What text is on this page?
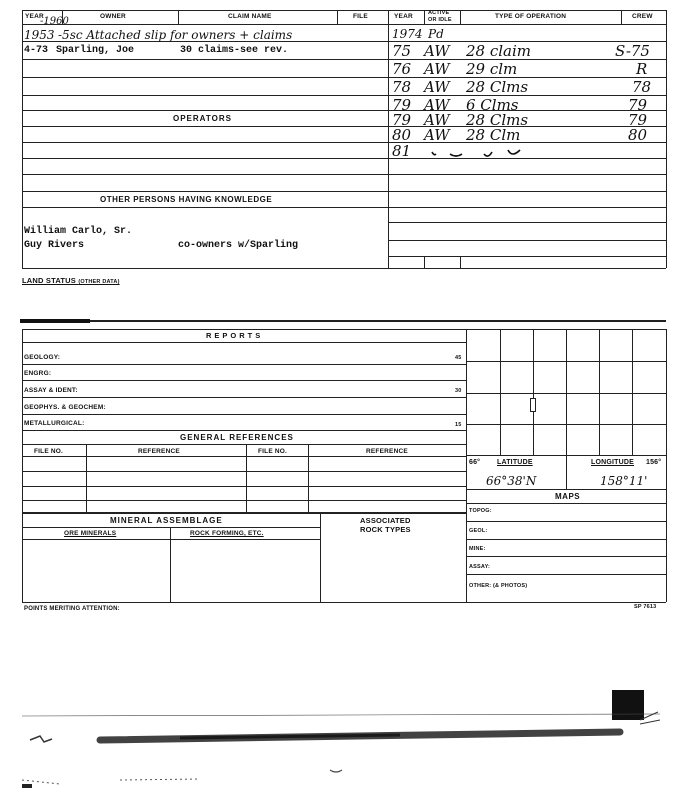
YEAR	OWNER	CLAIM NAME	FILE	YEAR	ACTIVE
OR IDLE	TYPE OF OPERATION	CREW
-1960
1953 -5sc Attached slip for owners + claims
4-73 Sparling, Joe	30 claims-see rev.
1974 Pd
75 AW 28 claim	S-75
76 AW 29 clm	R
78 AW 28 Clms	78
79 AW 6 Clms	79
79 AW 28 Clms	79
80 AW 28 Clm	80
81
OPERATORS
OTHER PERSONS HAVING KNOWLEDGE
William Carlo, Sr.
Guy Rivers	co-owners w/Sparling
LAND STATUS (OTHER DATA)
REPORTS
GEOLOGY:	45
ENGRG:
ASSAY & IDENT:	30
GEOPHYS. & GEOCHEM:
METALLURGICAL:	15
GENERAL REFERENCES
FILE NO.	REFERENCE	FILE NO.	REFERENCE
MINERAL ASSEMBLAGE
ORE MINERALS	ROCK FORMING, ETC.
ASSOCIATED
ROCK TYPES
66° LATITUDE	LONGITUDE 156°
66°38'N	158°11'
MAPS
TOPOG:
GEOL:
MINE:
ASSAY:
OTHER: (& PHOTOS)
POINTS MERITING ATTENTION:	SP 7613
